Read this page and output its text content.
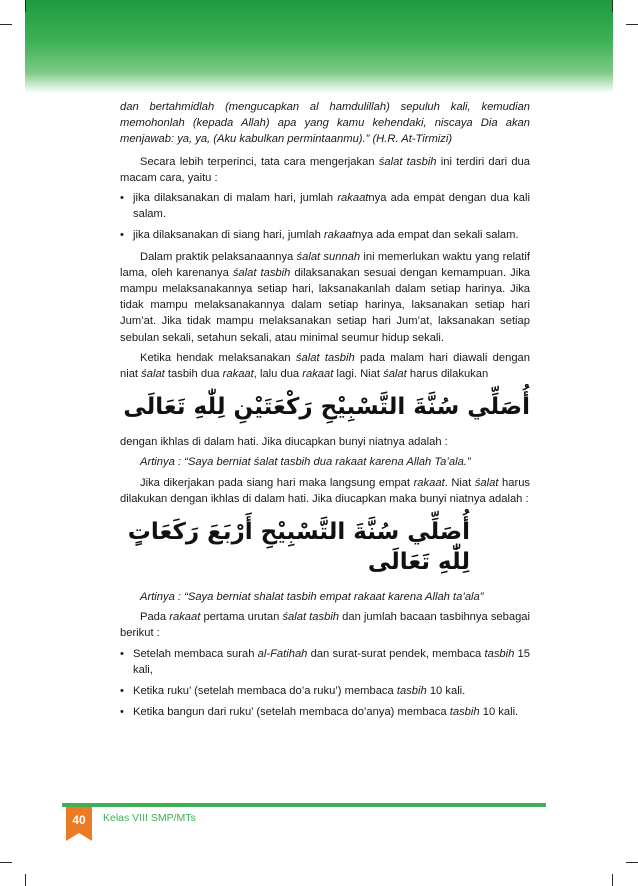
dan bertahmidlah (mengucapkan al hamdulillah) sepuluh kali, kemudian memohonlah (kepada Allah) apa yang kamu kehendaki, niscaya Dia akan menjawab: ya, ya, (Aku kabulkan permintaanmu).” (H.R. At-Tirmizi)

Secara lebih terperinci, tata cara mengerjakan śalat tasbih ini terdiri dari dua macam cara, yaitu :

• jika dilaksanakan di malam hari, jumlah rakaatnya ada empat dengan dua kali salam.
• jika dilaksanakan di siang hari, jumlah rakaatnya ada empat dan sekali salam.

Dalam praktik pelaksanaannya śalat sunnah ini memerlukan waktu yang relatif lama, oleh karenanya śalat tasbih dilaksanakan sesuai dengan kemampuan. Jika mampu melaksanakannya setiap hari, laksanakanlah dalam setiap harinya. Jika tidak mampu melaksanakannya dalam setiap harinya, laksanakan setiap hari Jum’at. Jika tidak mampu melaksanakan setiap hari Jum’at, laksanakan setiap sebulan sekali, setahun sekali, atau minimal seumur hidup sekali.

Ketika hendak melaksanakan śalat tasbih pada malam hari diawali dengan niat śalat tasbih dua rakaat, lalu dua rakaat lagi. Niat śalat harus dilakukan

أُصَلِّي سُنَّةَ التَّسْبِيْحِ رَكْعَتَيْنِ لِلّٰهِ تَعَالَى

dengan ikhlas di dalam hati. Jika diucapkan bunyi niatnya adalah :

Artinya : “Saya berniat śalat tasbih dua rakaat karena Allah Ta’ala.”

Jika dikerjakan pada siang hari maka langsung empat rakaat. Niat śalat harus dilakukan dengan ikhlas di dalam hati. Jika diucapkan maka bunyi niatnya adalah :

أُصَلِّي سُنَّةَ التَّسْبِيْحِ أَرْبَعَ رَكَعَاتٍ لِلّٰهِ تَعَالَى

Artinya : “Saya berniat shalat tasbih empat rakaat karena Allah ta’ala”

Pada rakaat pertama urutan śalat tasbih dan jumlah bacaan tasbihnya sebagai berikut :

• Setelah membaca surah al-Fatihah dan surat-surat pendek, membaca tasbih 15 kali,
• Ketika ruku’ (setelah membaca do’a ruku’) membaca tasbih 10 kali.
• Ketika bangun dari ruku’ (setelah membaca do’anya) membaca tasbih 10 kali.
40	Kelas VIII SMP/MTs
